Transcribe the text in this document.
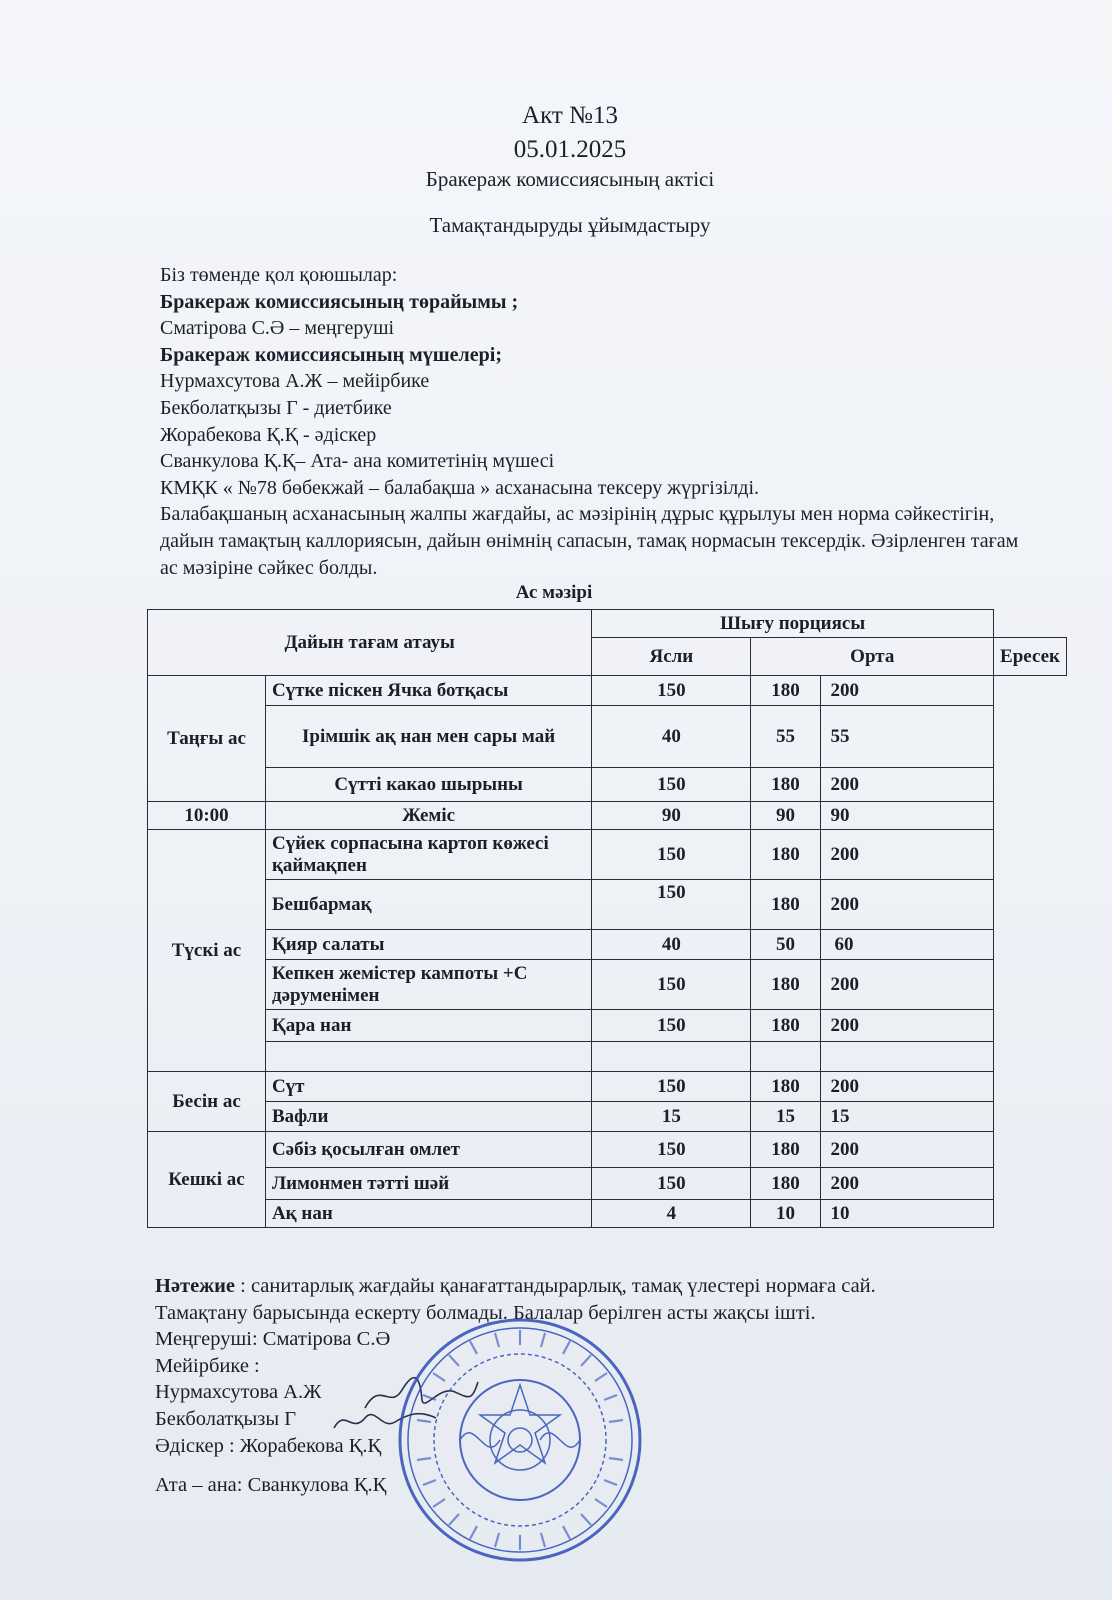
Акт №13
05.01.2025
Бракераж комиссиясының актісі
Тамақтандыруды ұйымдастыру
Біз төменде қол қоюшылар:
Бракераж комиссиясының төрайымы ;
Сматірова С.Ә – меңгеруші
Бракераж комиссиясының мүшелері;
Нурмахсутова А.Ж – мейірбике
Бекболатқызы Г - диетбике
Жорабекова Қ.Қ - әдіскер
Сванкулова Қ.Қ– Ата- ана комитетінің мүшесі
КМҚК « №78 бөбекжай – балабақша » асханасына тексеру жүргізілді.
Балабақшаның асханасының жалпы жағдайы, ас мәзірінің дұрыс құрылуы мен норма сәйкестігін, дайын тамақтың каллориясын, дайын өнімнің сапасын, тамақ нормасын тексердік. Әзірленген тағам ас мәзіріне сәйкес болды.
Ас мәзірі
Дайын тағам атауы		Шығу порциясы			
		Ясли	Орта		Ересек
Таңғы ас	Сүтке піскен Ячка ботқасы	150	180	200	
	Ірімшік ақ нан мен сары май	40	55	55	
	Сүтті какао шырыны	150	180	200	
10:00	Жеміс	90	90	90	
Түскі ас	Сүйек сорпасына картоп көжесі қаймақпен	150	180	200	
	Бешбармақ	150	180	200	
	Қияр салаты	40	50	60	
	Кепкен жемістер кампоты +С дәруменімен	150	180	200	
	Қара нан	150	180	200	

Бесін ас	Сүт	150	180	200	
	Вафли	15	15	15	
Кешкі ас	Сәбіз қосылған омлет	150	180	200	
	Лимонмен тәтті шәй	150	180	200	
	Ақ нан	4	10	10	
Нәтежие : санитарлық жағдайы қанағаттандырарлық, тамақ үлестері нормаға сай.
Тамақтану барысында ескерту болмады. Балалар берілген асты жақсы ішті.
Меңгеруші: Сматірова С.Ә
Мейірбике :
Нурмахсутова А.Ж
Бекболатқызы Г
Әдіскер : Жорабекова Қ.Қ
Ата – ана: Сванкулова Қ.Қ
